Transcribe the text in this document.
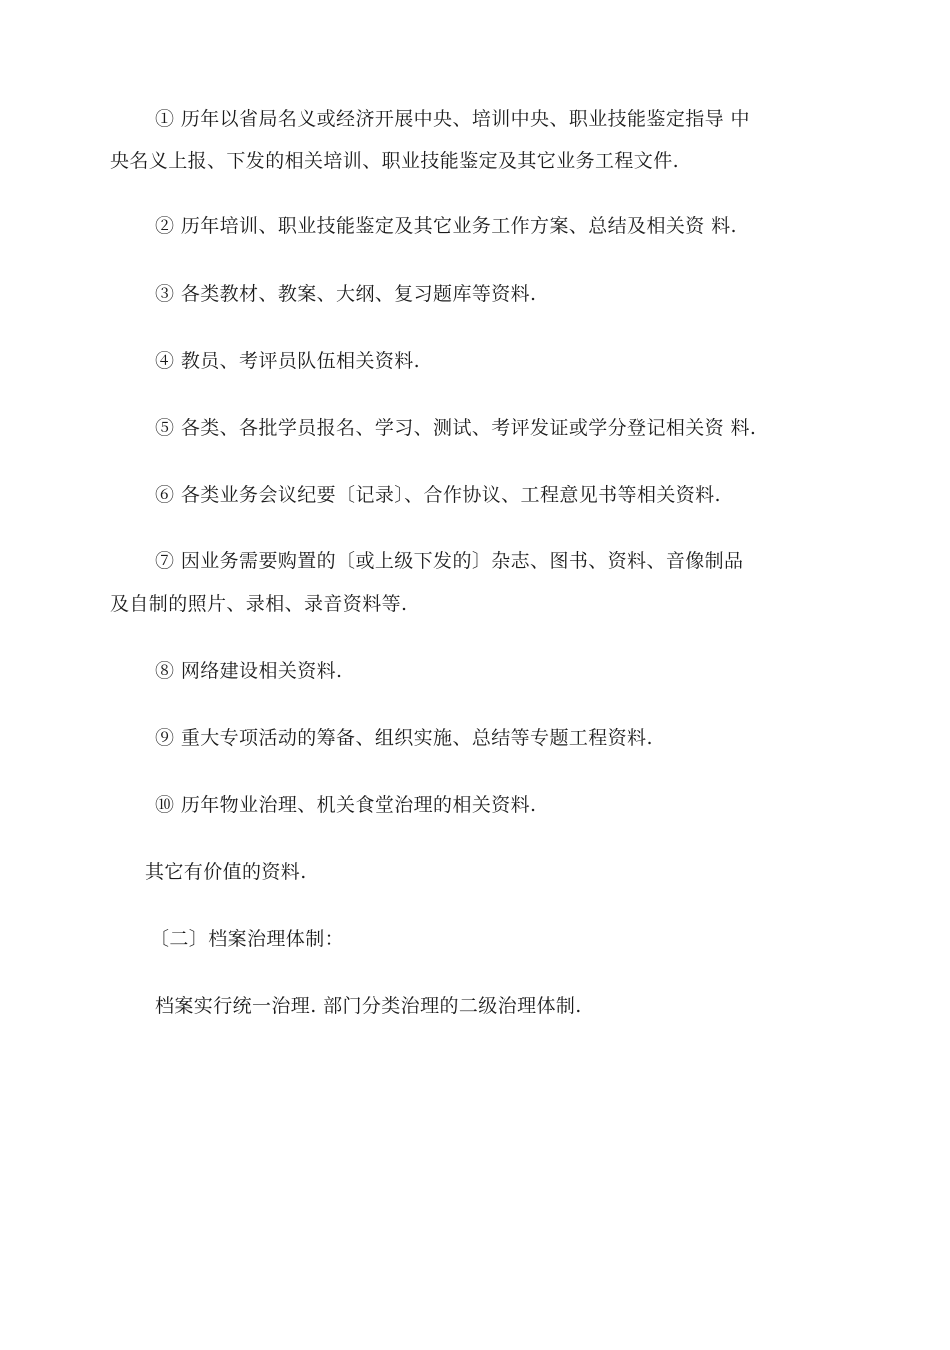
① 历年以省局名义或经济开展中央、培训中央、职业技能鉴定指导 中
央名义上报、下发的相关培训、职业技能鉴定及其它业务工程文件.
② 历年培训、职业技能鉴定及其它业务工作方案、总结及相关资 料.
③ 各类教材、教案、大纲、复习题库等资料.
④ 教员、考评员队伍相关资料.
⑤ 各类、各批学员报名、学习、测试、考评发证或学分登记相关资 料.
⑥ 各类业务会议纪要〔记录〕、合作协议、工程意见书等相关资料.
⑦ 因业务需要购置的〔或上级下发的〕杂志、图书、资料、音像制品
及自制的照片、录相、录音资料等.
⑧ 网络建设相关资料.
⑨ 重大专项活动的筹备、组织实施、总结等专题工程资料.
⑩ 历年物业治理、机关食堂治理的相关资料.
其它有价值的资料.
〔二〕档案治理体制：
档案实行统一治理. 部门分类治理的二级治理体制.
